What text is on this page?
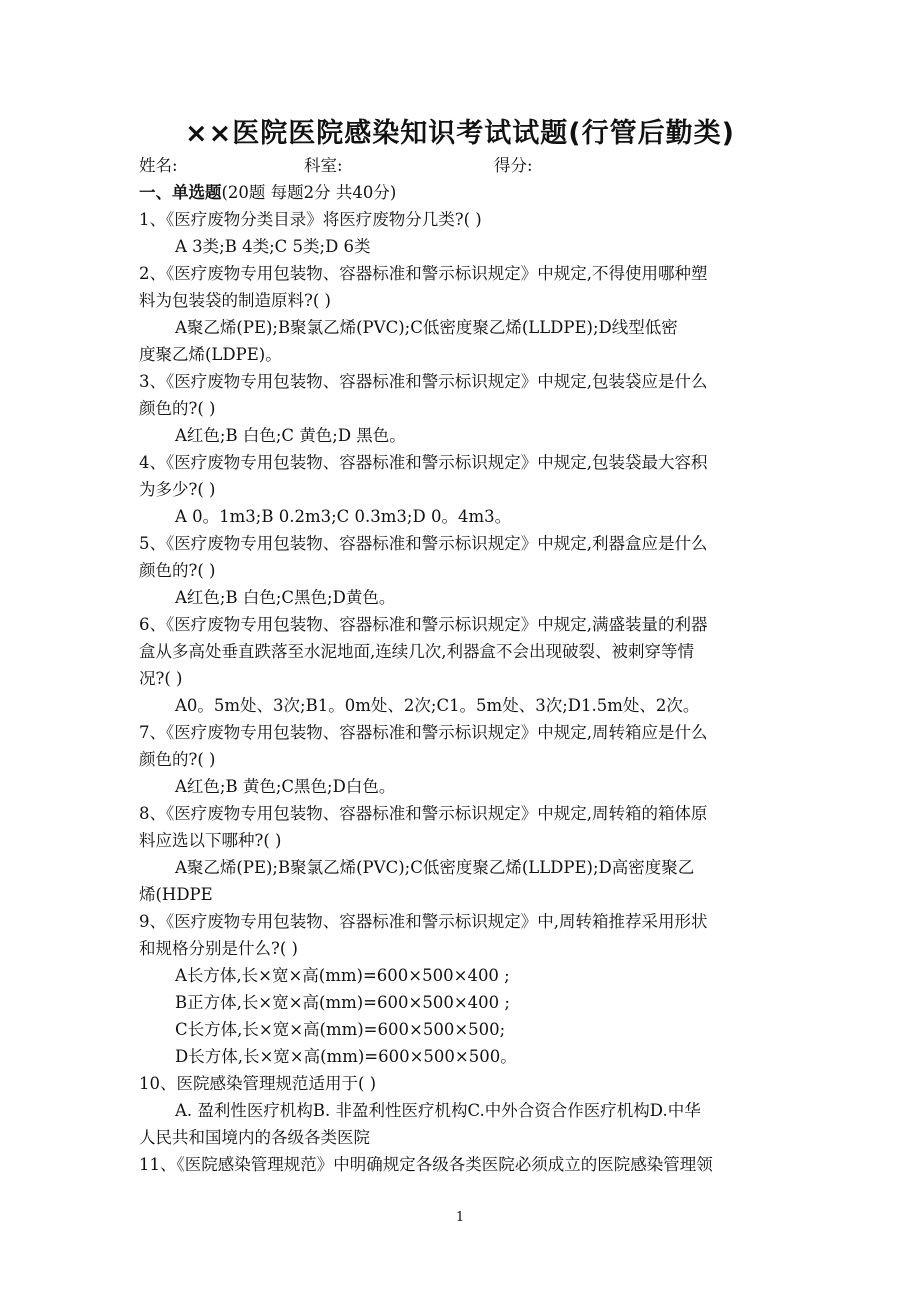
××医院医院感染知识考试试题(行管后勤类)
姓名:	科室:	得分:
一、单选题(20题 每题2分 共40分)
1、《医疗废物分类目录》将医疗废物分几类?( )
A 3类;B 4类;C 5类;D 6类
2、《医疗废物专用包装物、容器标准和警示标识规定》中规定,不得使用哪种塑
料为包装袋的制造原料?( )
A聚乙烯(PE);B聚氯乙烯(PVC);C低密度聚乙烯(LLDPE);D线型低密
度聚乙烯(LDPE)。
3、《医疗废物专用包装物、容器标准和警示标识规定》中规定,包装袋应是什么
颜色的?( )
A红色;B 白色;C 黄色;D 黑色。
4、《医疗废物专用包装物、容器标准和警示标识规定》中规定,包装袋最大容积
为多少?( )
A 0。1m3;B 0.2m3;C 0.3m3;D 0。4m3。
5、《医疗废物专用包装物、容器标准和警示标识规定》中规定,利器盒应是什么
颜色的?( )
A红色;B 白色;C黑色;D黄色。
6、《医疗废物专用包装物、容器标准和警示标识规定》中规定,满盛装量的利器
盒从多高处垂直跌落至水泥地面,连续几次,利器盒不会出现破裂、被刺穿等情
况?( )
A0。5m处、3次;B1。0m处、2次;C1。5m处、3次;D1.5m处、2次。
7、《医疗废物专用包装物、容器标准和警示标识规定》中规定,周转箱应是什么
颜色的?( )
A红色;B 黄色;C黑色;D白色。
8、《医疗废物专用包装物、容器标准和警示标识规定》中规定,周转箱的箱体原
料应选以下哪种?( )
A聚乙烯(PE);B聚氯乙烯(PVC);C低密度聚乙烯(LLDPE);D高密度聚乙
烯(HDPE
9、《医疗废物专用包装物、容器标准和警示标识规定》中,周转箱推荐采用形状
和规格分别是什么?( )
A长方体,长×宽×高(mm)=600×500×400 ;
B正方体,长×宽×高(mm)=600×500×400 ;
C长方体,长×宽×高(mm)=600×500×500;
D长方体,长×宽×高(mm)=600×500×500。
10、医院感染管理规范适用于( )
A. 盈利性医疗机构B. 非盈利性医疗机构C.中外合资合作医疗机构D.中华
人民共和国境内的各级各类医院
11、《医院感染管理规范》中明确规定各级各类医院必须成立的医院感染管理领
1
